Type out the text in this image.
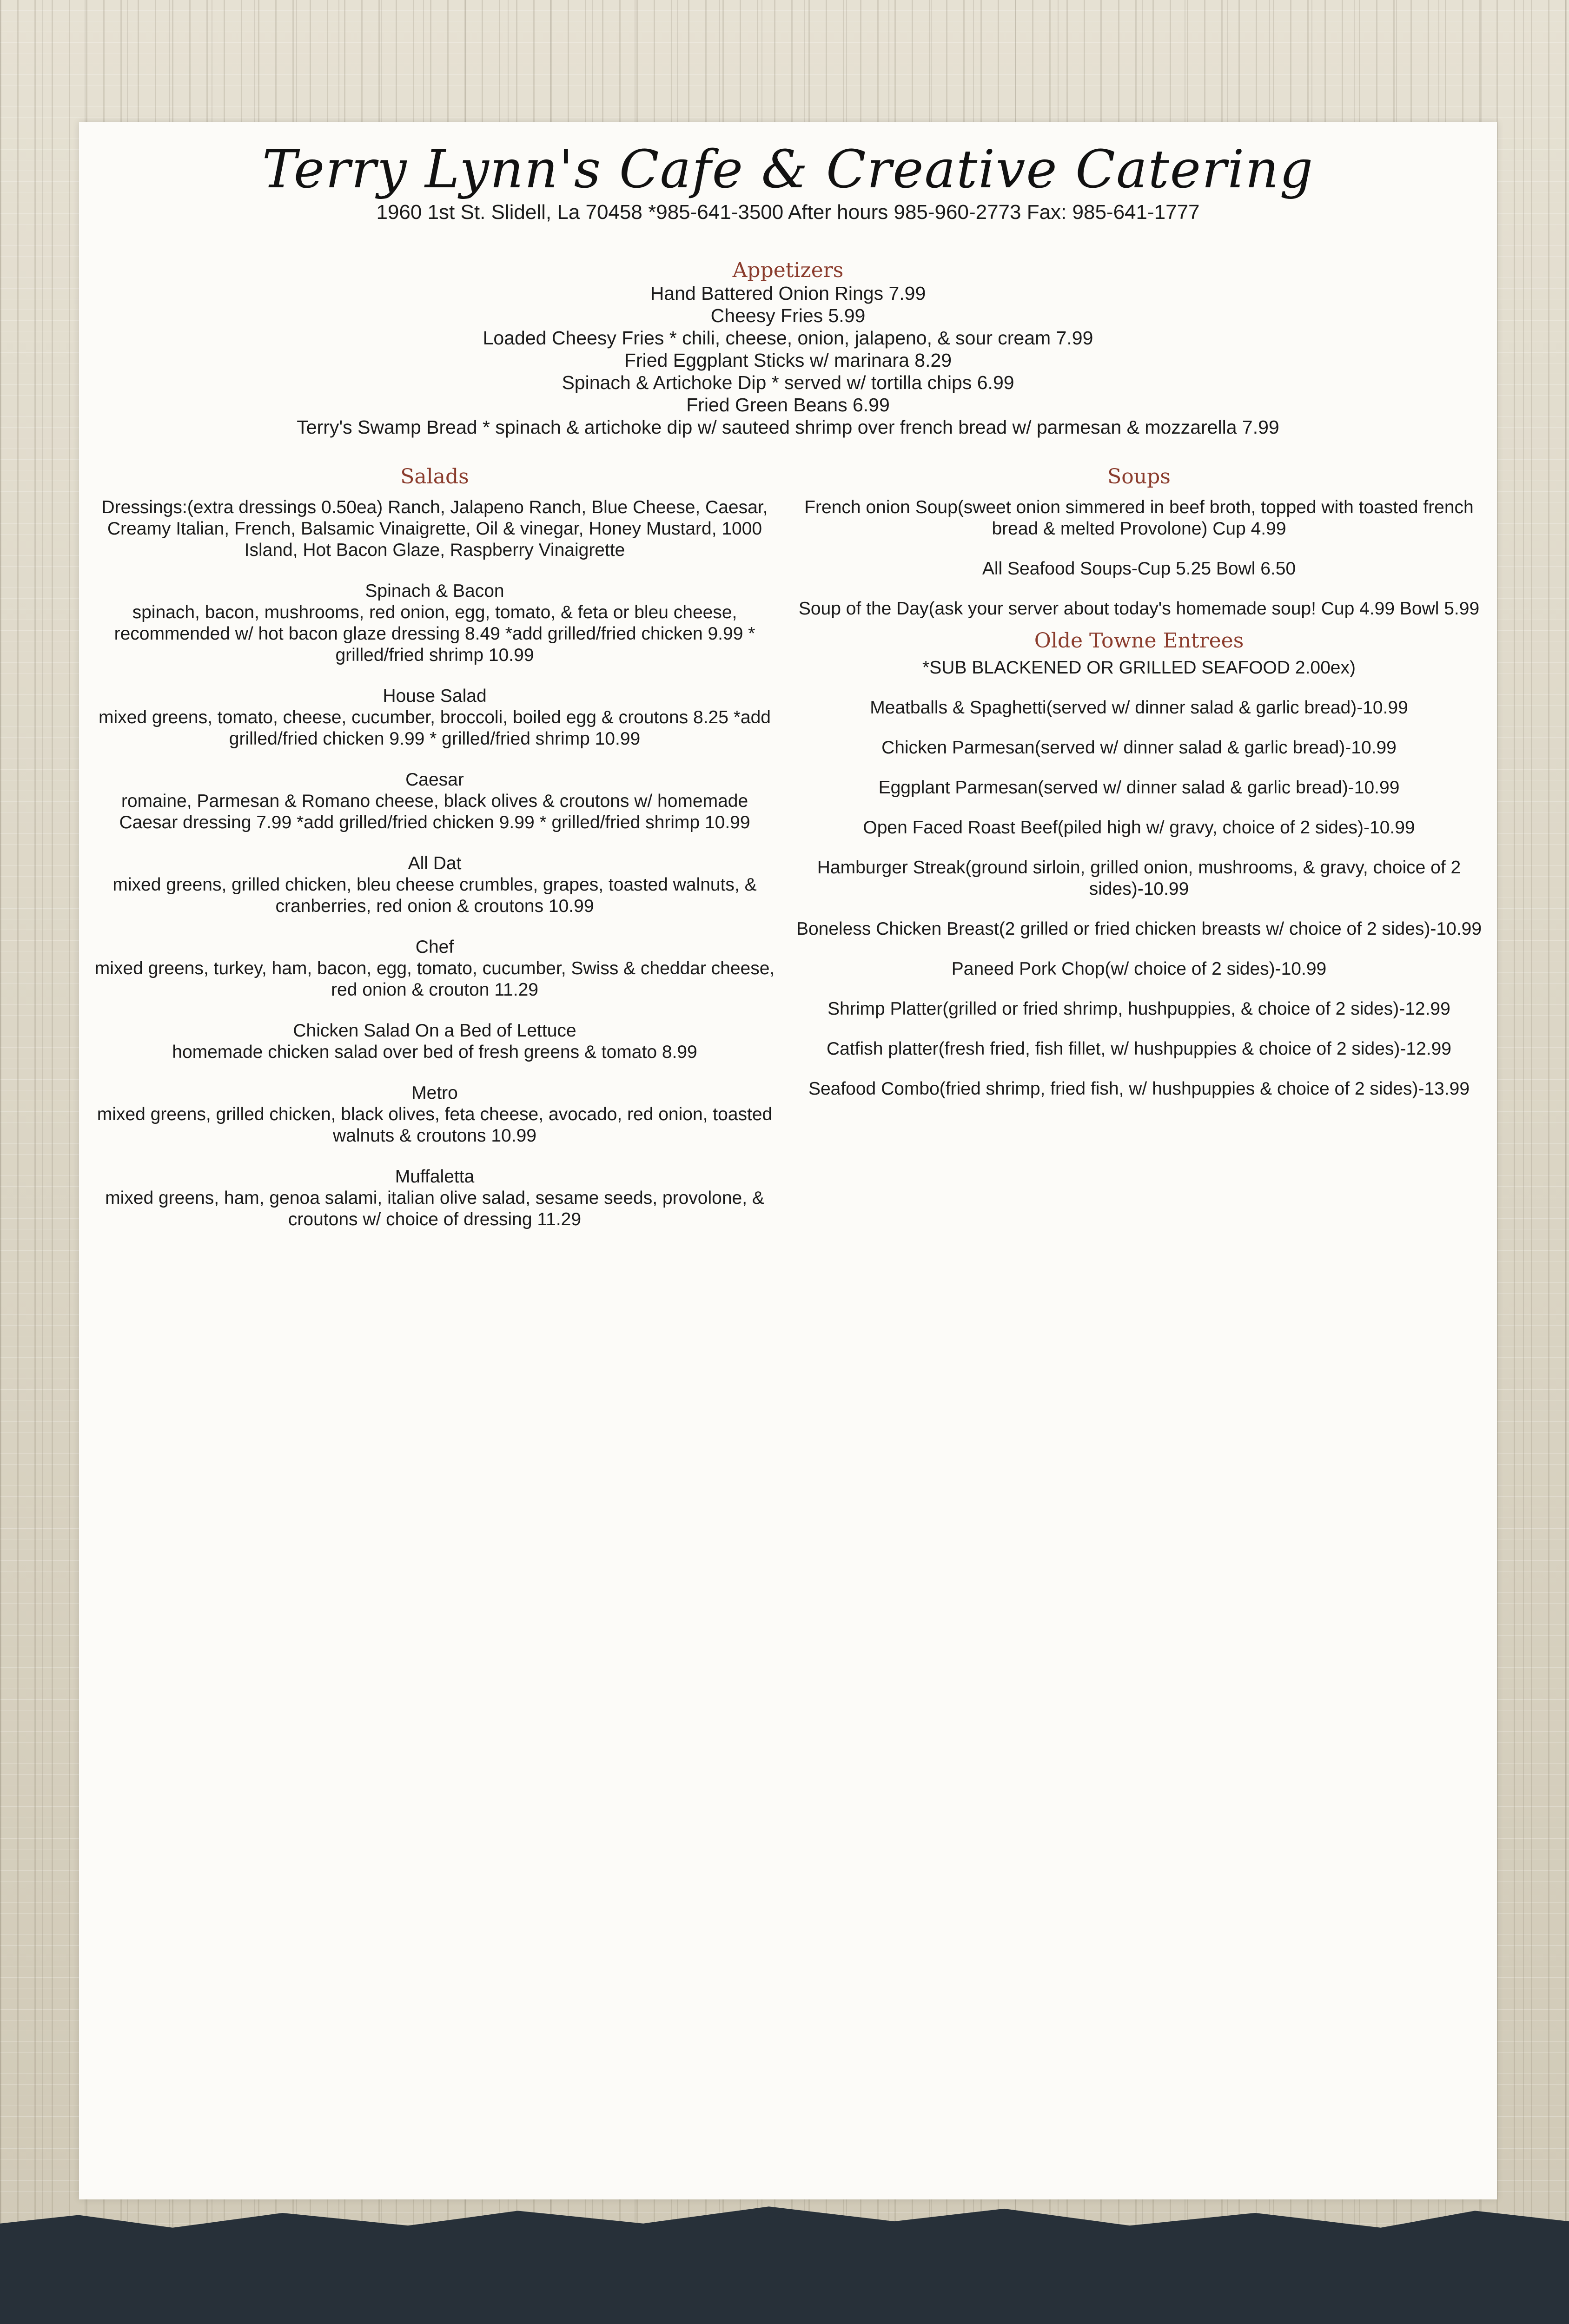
Terry Lynn's Cafe & Creative Catering
1960 1st St. Slidell, La 70458 *985-641-3500 After hours 985-960-2773 Fax: 985-641-1777

Appetizers

Hand Battered Onion Rings 7.99

Cheesy Fries 5.99

Loaded Cheesy Fries * chili, cheese, onion, jalapeno, & sour cream 7.99

Fried Eggplant Sticks w/ marinara 8.29

Spinach & Artichoke Dip * served w/ tortilla chips 6.99

Fried Green Beans 6.99

Terry's Swamp Bread * spinach & artichoke dip w/ sauteed shrimp over french bread w/ parmesan & mozzarella 7.99

Salads

Dressings:(extra dressings 0.50ea) Ranch, Jalapeno Ranch, Blue Cheese, Caesar, Creamy Italian, French, Balsamic Vinaigrette, Oil & vinegar, Honey Mustard, 1000 Island, Hot Bacon Glaze, Raspberry Vinaigrette

Spinach & Bacon
spinach, bacon, mushrooms, red onion, egg, tomato, & feta or bleu cheese, recommended w/ hot bacon glaze dressing 8.49 *add grilled/fried chicken 9.99 * grilled/fried shrimp 10.99

House Salad
mixed greens, tomato, cheese, cucumber, broccoli, boiled egg & croutons 8.25 *add grilled/fried chicken 9.99 * grilled/fried shrimp 10.99

Caesar
romaine, Parmesan & Romano cheese, black olives & croutons w/ homemade Caesar dressing 7.99 *add grilled/fried chicken 9.99 * grilled/fried shrimp 10.99

All Dat
mixed greens, grilled chicken, bleu cheese crumbles, grapes, toasted walnuts, & cranberries, red onion & croutons 10.99

Chef
mixed greens, turkey, ham, bacon, egg, tomato, cucumber, Swiss & cheddar cheese, red onion & crouton 11.29

Chicken Salad On a Bed of Lettuce
homemade chicken salad over bed of fresh greens & tomato 8.99

Metro
mixed greens, grilled chicken, black olives, feta cheese, avocado, red onion, toasted walnuts & croutons 10.99

Muffaletta
mixed greens, ham, genoa salami, italian olive salad, sesame seeds, provolone, & croutons w/ choice of dressing 11.29

Soups

French onion Soup(sweet onion simmered in beef broth, topped with toasted french bread & melted Provolone) Cup 4.99

All Seafood Soups-Cup 5.25 Bowl 6.50

Soup of the Day(ask your server about today's homemade soup! Cup 4.99 Bowl 5.99

Olde Towne Entrees

*SUB BLACKENED OR GRILLED SEAFOOD 2.00ex)

Meatballs & Spaghetti(served w/ dinner salad & garlic bread)-10.99

Chicken Parmesan(served w/ dinner salad & garlic bread)-10.99

Eggplant Parmesan(served w/ dinner salad & garlic bread)-10.99

Open Faced Roast Beef(piled high w/ gravy, choice of 2 sides)-10.99

Hamburger Streak(ground sirloin, grilled onion, mushrooms, & gravy, choice of 2 sides)-10.99

Boneless Chicken Breast(2 grilled or fried chicken breasts w/ choice of 2 sides)-10.99

Paneed Pork Chop(w/ choice of 2 sides)-10.99

Shrimp Platter(grilled or fried shrimp, hushpuppies, & choice of 2 sides)-12.99

Catfish platter(fresh fried, fish fillet, w/ hushpuppies & choice of 2 sides)-12.99

Seafood Combo(fried shrimp, fried fish, w/ hushpuppies & choice of 2 sides)-13.99
